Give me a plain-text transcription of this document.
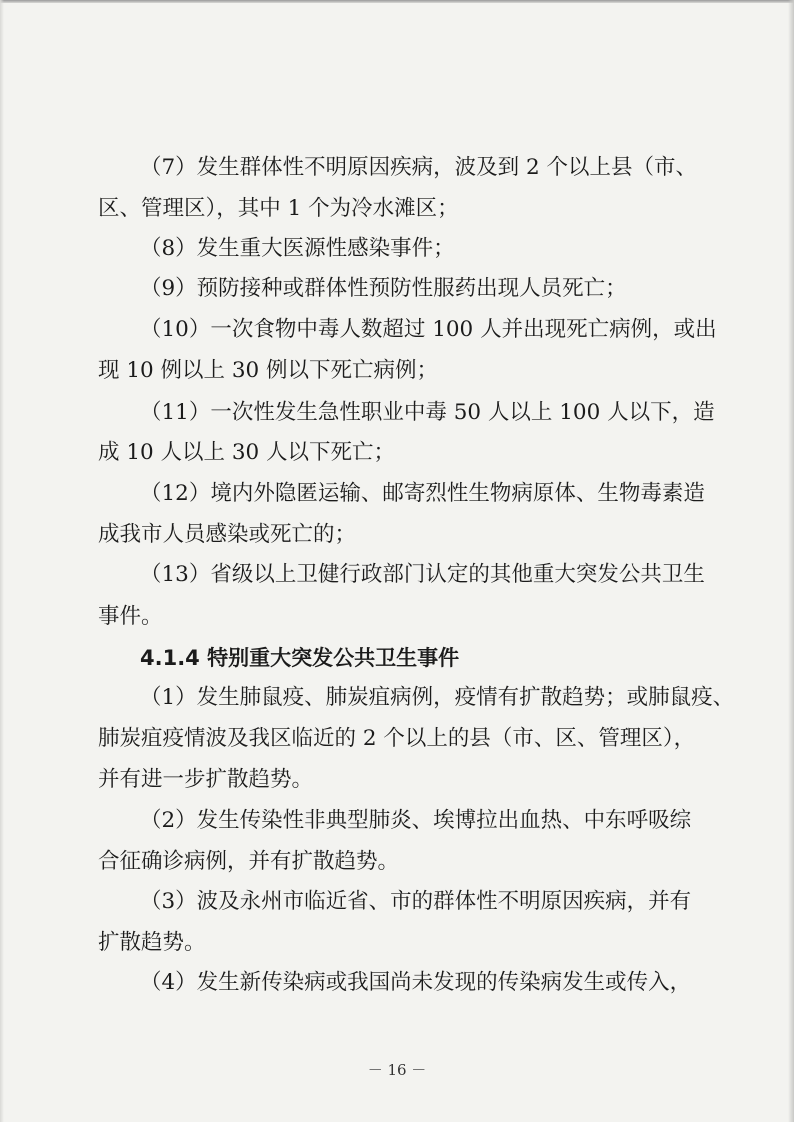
（7）发生群体性不明原因疾病，波及到 2 个以上县（市、
区、管理区），其中 1 个为冷水滩区；
（8）发生重大医源性感染事件；
（9）预防接种或群体性预防性服药出现人员死亡；
（10）一次食物中毒人数超过 100 人并出现死亡病例，或出
现 10 例以上 30 例以下死亡病例；
（11）一次性发生急性职业中毒 50 人以上 100 人以下，造
成 10 人以上 30 人以下死亡；
（12）境内外隐匿运输、邮寄烈性生物病原体、生物毒素造
成我市人员感染或死亡的；
（13）省级以上卫健行政部门认定的其他重大突发公共卫生
事件。
4.1.4 特别重大突发公共卫生事件
（1）发生肺鼠疫、肺炭疽病例，疫情有扩散趋势；或肺鼠疫、
肺炭疽疫情波及我区临近的 2 个以上的县（市、区、管理区），
并有进一步扩散趋势。
（2）发生传染性非典型肺炎、埃博拉出血热、中东呼吸综
合征确诊病例，并有扩散趋势。
（3）波及永州市临近省、市的群体性不明原因疾病，并有
扩散趋势。
（4）发生新传染病或我国尚未发现的传染病发生或传入，
－ 16 －
